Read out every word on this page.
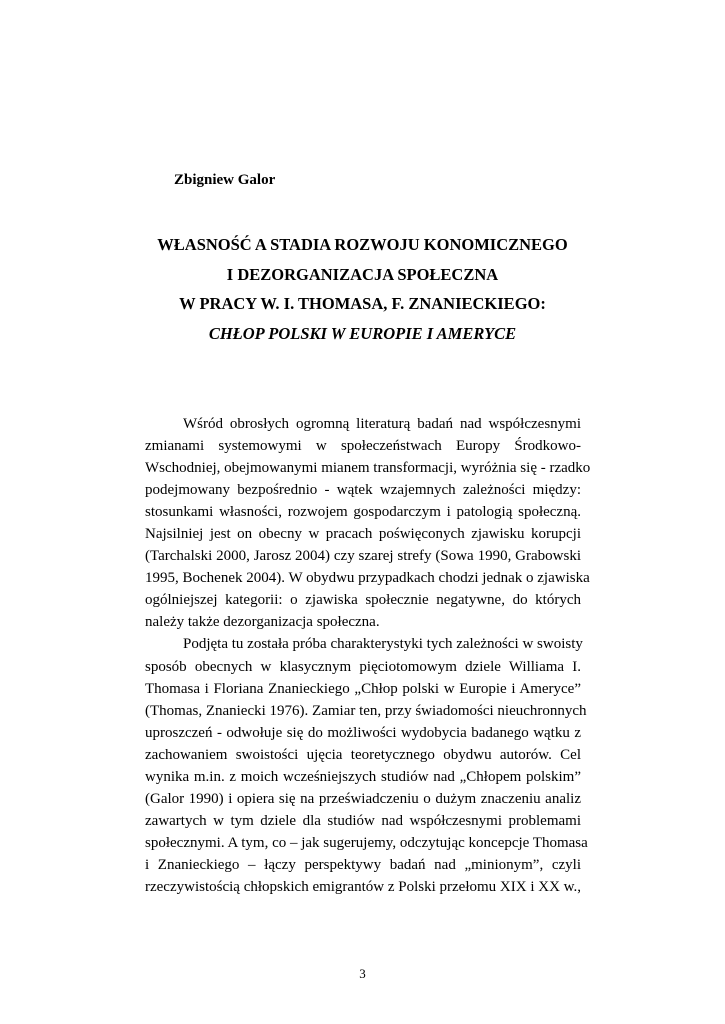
Zbigniew Galor
WŁASNOŚĆ A STADIA ROZWOJU KONOMICZNEGO
I DEZORGANIZACJA SPOŁECZNA
W PRACY W. I. THOMASA, F. ZNANIECKIEGO:
CHŁOP POLSKI W EUROPIE I AMERYCE
Wśród obrosłych ogromną literaturą badań nad współczesnymi
zmianami systemowymi w społeczeństwach Europy Środkowo-
Wschodniej, obejmowanymi mianem transformacji, wyróżnia się - rzadko
podejmowany bezpośrednio - wątek wzajemnych zależności między:
stosunkami własności, rozwojem gospodarczym i patologią społeczną.
Najsilniej jest on obecny w pracach poświęconych zjawisku korupcji
(Tarchalski 2000, Jarosz 2004) czy szarej strefy (Sowa 1990, Grabowski
1995, Bochenek 2004). W obydwu przypadkach chodzi jednak o zjawiska
ogólniejszej kategorii: o zjawiska społecznie negatywne, do których
należy także dezorganizacja społeczna.
Podjęta tu została próba charakterystyki tych zależności w swoisty
sposób obecnych w klasycznym pięciotomowym dziele Williama I.
Thomasa i Floriana Znanieckiego „Chłop polski w Europie i Ameryce”
(Thomas, Znaniecki 1976). Zamiar ten, przy świadomości nieuchronnych
uproszczeń - odwołuje się do możliwości wydobycia badanego wątku z
zachowaniem swoistości ujęcia teoretycznego obydwu autorów. Cel
wynika m.in. z moich wcześniejszych studiów nad „Chłopem polskim”
(Galor 1990) i opiera się na przeświadczeniu o dużym znaczeniu analiz
zawartych w tym dziele dla studiów nad współczesnymi problemami
społecznymi. A tym, co – jak sugerujemy, odczytując koncepcje Thomasa
i Znanieckiego – łączy perspektywy badań nad „minionym”, czyli
rzeczywistością chłopskich emigrantów z Polski przełomu XIX i XX w.,
3
